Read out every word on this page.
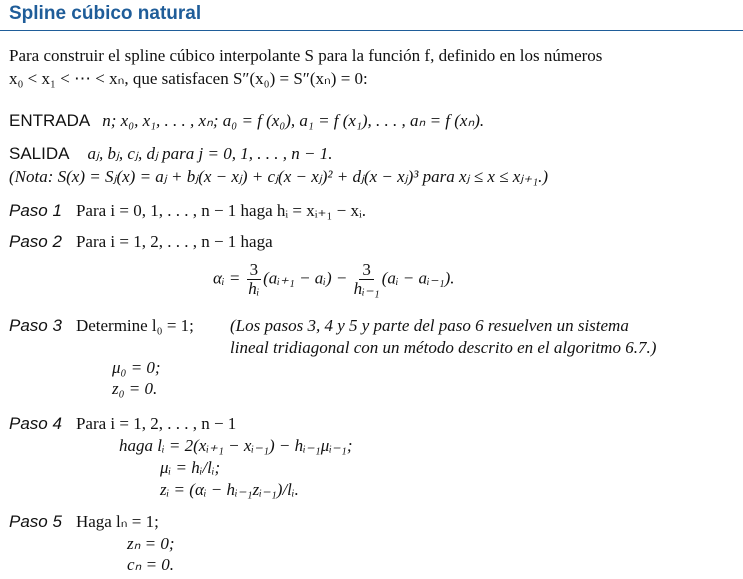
Spline cúbico natural
Para construir el spline cúbico interpolante S para la función f, definido en los números
x₀ < x₁ < ⋯ < xₙ, que satisfacen S″(x₀) = S″(xₙ) = 0:
ENTRADA n; x₀, x₁, . . . , xₙ; a₀ = f (x₀), a₁ = f (x₁), . . . , aₙ = f (xₙ).
SALIDA aⱼ, bⱼ, cⱼ, dⱼ para j = 0, 1, . . . , n − 1.
(Nota: S(x) = Sⱼ(x) = aⱼ + bⱼ(x − xⱼ) + cⱼ(x − xⱼ)² + dⱼ(x − xⱼ)³ para xⱼ ≤ x ≤ xⱼ₊₁.)
Paso 1 Para i = 0, 1, . . . , n − 1 haga hᵢ = xᵢ₊₁ − xᵢ.
Paso 2 Para i = 1, 2, . . . , n − 1 haga
αᵢ = $\frac{3}{\text{hᵢ}}$ (aᵢ₊₁ − aᵢ) − $\frac{3}{\text{hᵢ₋₁}}$ (aᵢ − aᵢ₋₁).
Paso 3 Determine l₀ = 1; (Los pasos 3, 4 y 5 y parte del paso 6 resuelven un sistema
lineal tridiagonal con un método descrito en el algoritmo 6.7.)
μ₀ = 0;
z₀ = 0.
Paso 4 Para i = 1, 2, . . . , n − 1
haga lᵢ = 2(xᵢ₊₁ − xᵢ₋₁) − hᵢ₋₁μᵢ₋₁;
μᵢ = hᵢ/lᵢ;
zᵢ = (αᵢ − hᵢ₋₁zᵢ₋₁)/lᵢ.
Paso 5 Haga lₙ = 1;
zₙ = 0;
cₙ = 0.
